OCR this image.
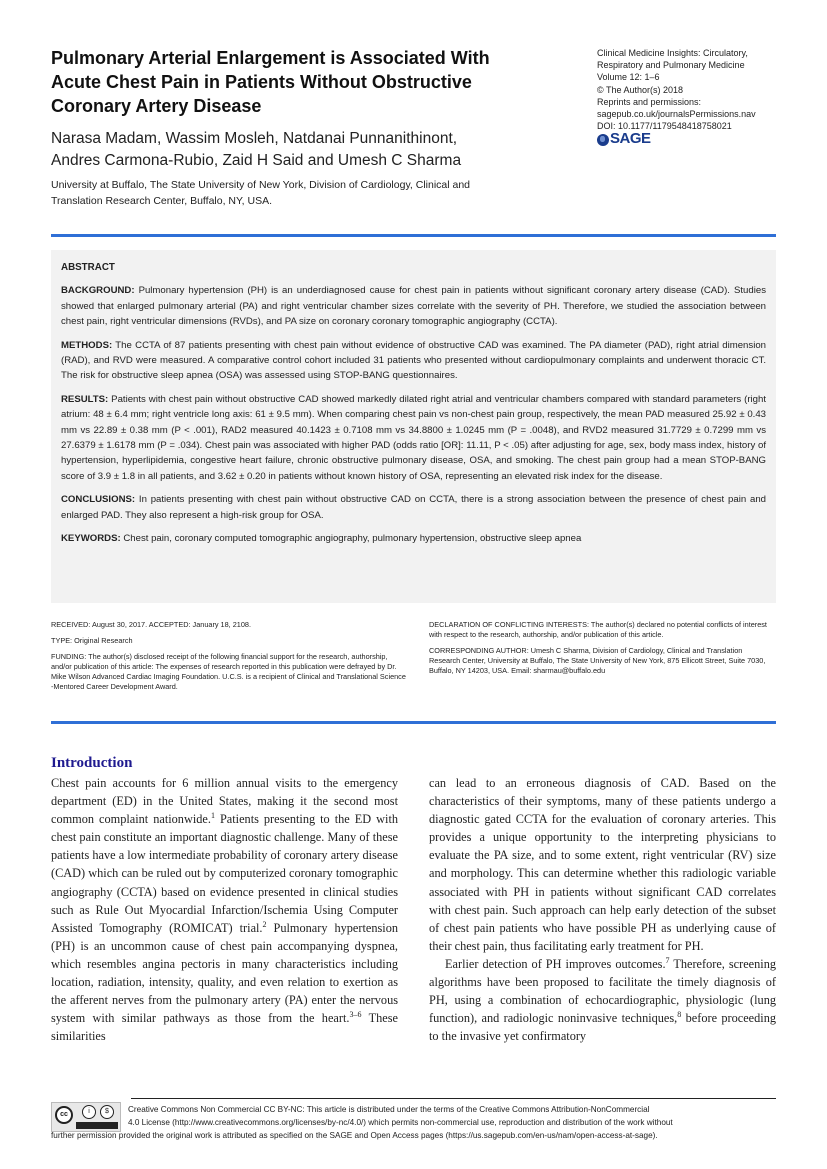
Pulmonary Arterial Enlargement is Associated With
Acute Chest Pain in Patients Without Obstructive
Coronary Artery Disease
Narasa Madam, Wassim Mosleh, Natdanai Punnanithinont,
Andres Carmona-Rubio, Zaid H Said and Umesh C Sharma
University at Buffalo, The State University of New York, Division of Cardiology, Clinical and
Translation Research Center, Buffalo, NY, USA.
Clinical Medicine Insights: Circulatory,
Respiratory and Pulmonary Medicine
Volume 12: 1–6
© The Author(s) 2018
Reprints and permissions:
sagepub.co.uk/journalsPermissions.nav
DOI: 10.1177/1179548418758021
SAGE
ABSTRACT

BACKGROUND: Pulmonary hypertension (PH) is an underdiagnosed cause for chest pain in patients without significant coronary artery disease (CAD). Studies showed that enlarged pulmonary arterial (PA) and right ventricular chamber sizes correlate with the severity of PH. Therefore, we studied the association between chest pain, right ventricular dimensions (RVDs), and PA size on coronary coronary tomographic angiography (CCTA).

METHODS: The CCTA of 87 patients presenting with chest pain without evidence of obstructive CAD was examined. The PA diameter (PAD), right atrial dimension (RAD), and RVD were measured. A comparative control cohort included 31 patients who presented without cardiopulmonary complaints and underwent thoracic CT. The risk for obstructive sleep apnea (OSA) was assessed using STOP-BANG questionnaires.

RESULTS: Patients with chest pain without obstructive CAD showed markedly dilated right atrial and ventricular chambers compared with standard parameters (right atrium: 48 ± 6.4 mm; right ventricle long axis: 61 ± 9.5 mm). When comparing chest pain vs non-chest pain group, respectively, the mean PAD measured 25.92 ± 0.43 mm vs 22.89 ± 0.38 mm (P < .001), RAD2 measured 40.1423 ± 0.7108 mm vs 34.8800 ± 1.0245 mm (P = .0048), and RVD2 measured 31.7729 ± 0.7299 mm vs 27.6379 ± 1.6178 mm (P = .034). Chest pain was associated with higher PAD (odds ratio [OR]: 11.11, P < .05) after adjusting for age, sex, body mass index, history of hypertension, hyperlipidemia, congestive heart failure, chronic obstructive pulmonary disease, OSA, and smoking. The chest pain group had a mean STOP-BANG score of 3.9 ± 1.8 in all patients, and 3.62 ± 0.20 in patients without known history of OSA, representing an elevated risk index for the disease.

CONCLUSIONS: In patients presenting with chest pain without obstructive CAD on CCTA, there is a strong association between the presence of chest pain and enlarged PAD. They also represent a high-risk group for OSA.

KEYWORDS: Chest pain, coronary computed tomographic angiography, pulmonary hypertension, obstructive sleep apnea

RECEIVED: August 30, 2017. ACCEPTED: January 18, 2108.

TYPE: Original Research

FUNDING: The author(s) disclosed receipt of the following financial support for the research, authorship, and/or publication of this article: The expenses of research reported in this publication were defrayed by Dr. Mike Wilson Advanced Cardiac Imaging Foundation. U.C.S. is a recipient of Clinical and Translational Science -Mentored Career Development Award.

DECLARATION OF CONFLICTING INTERESTS: The author(s) declared no potential conflicts of interest with respect to the research, authorship, and/or publication of this article.

CORRESPONDING AUTHOR: Umesh C Sharma, Division of Cardiology, Clinical and Translation Research Center, University at Buffalo, The State University of New York, 875 Ellicott Street, Suite 7030, Buffalo, NY 14203, USA. Email: sharmau@buffalo.edu

Introduction

Chest pain accounts for 6 million annual visits to the emergency department (ED) in the United States, making it the second most common complaint nationwide.$^1$ Patients presenting to the ED with chest pain constitute an important diagnostic challenge. Many of these patients have a low intermediate probability of coronary artery disease (CAD) which can be ruled out by computerized coronary tomographic angiography (CCTA) based on evidence presented in clinical studies such as Rule Out Myocardial Infarction/Ischemia Using Computer Assisted Tomography (ROMICAT) trial.$^2$ Pulmonary hypertension (PH) is an uncommon cause of chest pain accompanying dyspnea, which resembles angina pectoris in many characteristics including location, radiation, intensity, quality, and even relation to exertion as the afferent nerves from the pulmonary artery (PA) enter the nervous system with similar pathways as those from the heart.$^{3-6}$ These similarities

can lead to an erroneous diagnosis of CAD. Based on the characteristics of their symptoms, many of these patients undergo a diagnostic gated CCTA for the evaluation of coronary arteries. This provides a unique opportunity to the interpreting physicians to evaluate the PA size, and to some extent, right ventricular (RV) size and morphology. This can determine whether this radiologic variable associated with PH in patients without significant CAD correlates with chest pain. Such approach can help early detection of the subset of chest pain patients who have possible PH as underlying cause of their chest pain, thus facilitating early treatment for PH.

Earlier detection of PH improves outcomes.$^7$ Therefore, screening algorithms have been proposed to facilitate the timely diagnosis of PH, using a combination of echocardiographic, physiologic (lung function), and radiologic noninvasive techniques,$^8$ before proceeding to the invasive yet confirmatory

cc	i	$	Creative Commons Non Commercial CC BY-NC: This article is distributed under the terms of the Creative Commons Attribution-NonCommercial
4.0 License (http://www.creativecommons.org/licenses/by-nc/4.0/) which permits non-commercial use, reproduction and distribution of the work without
further permission provided the original work is attributed as specified on the SAGE and Open Access pages (https://us.sagepub.com/en-us/nam/open-access-at-sage).
